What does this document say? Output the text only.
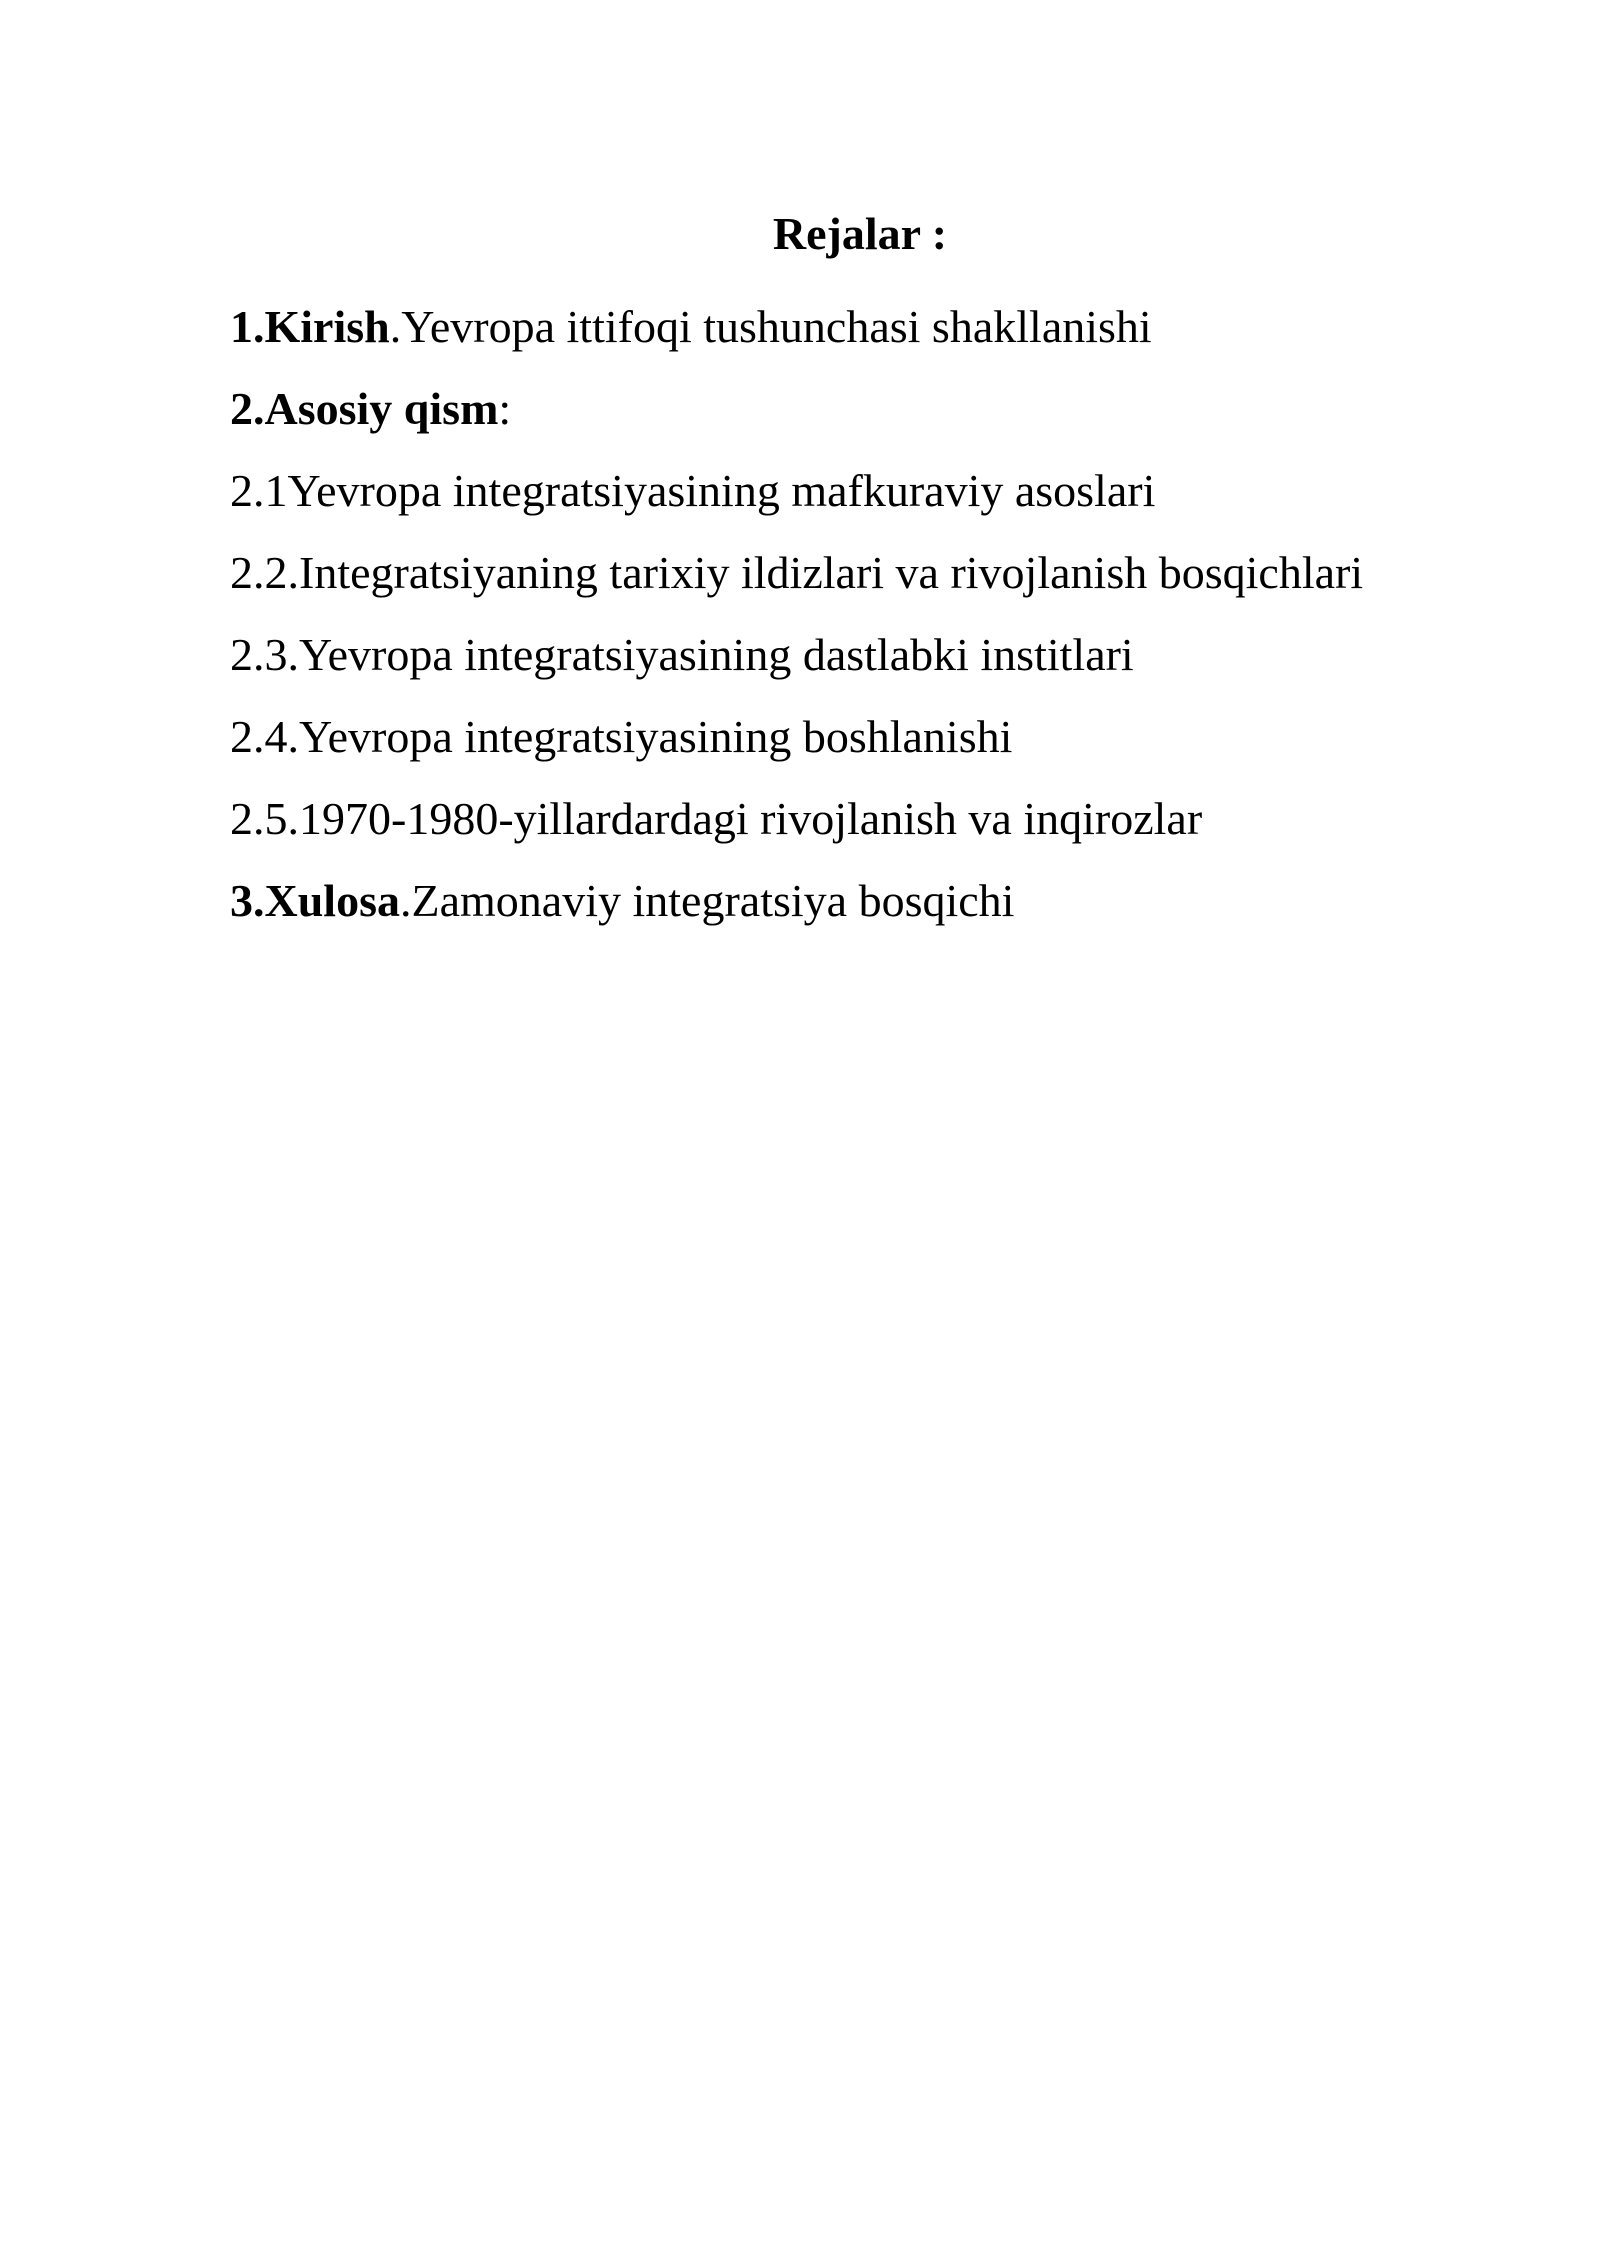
Rejalar :
1.Kirish.Yevropa ittifoqi tushunchasi shakllanishi
2.Asosiy qism:
2.1Yevropa integratsiyasining mafkuraviy asoslari
2.2.Integratsiyaning tarixiy ildizlari va rivojlanish bosqichlari
2.3.Yevropa integratsiyasining dastlabki institlari
2.4.Yevropa integratsiyasining boshlanishi
2.5.1970-1980-yillardardagi rivojlanish va inqirozlar
3.Xulosa.Zamonaviy integratsiya bosqichi
